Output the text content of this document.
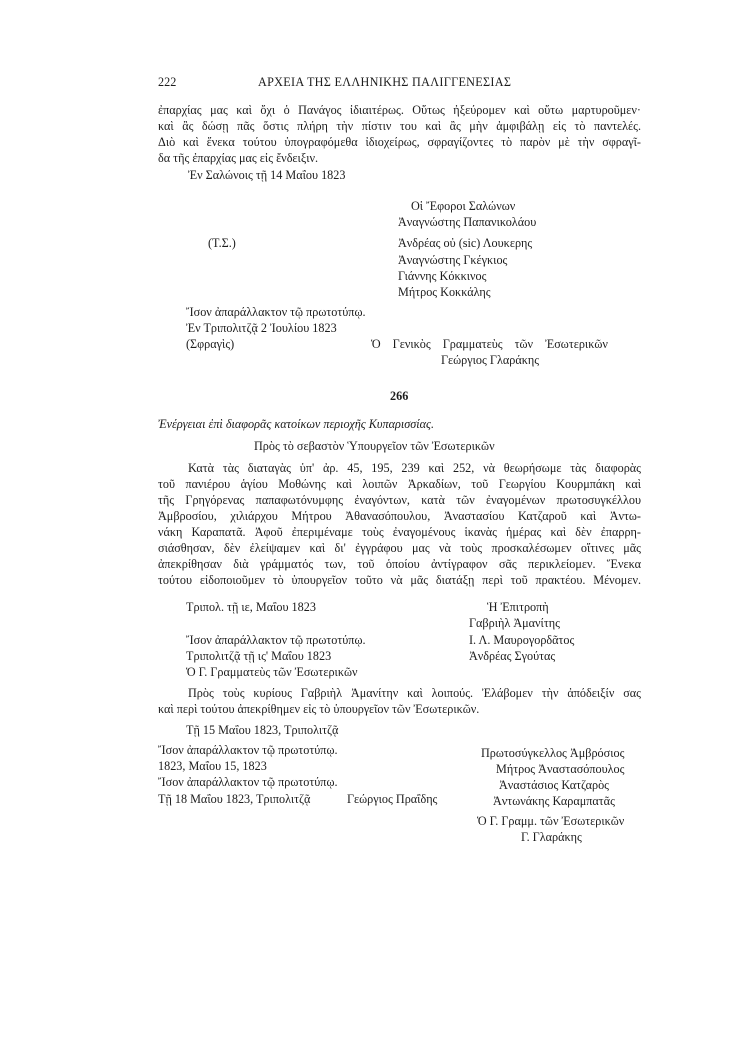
222	ΑΡΧΕΙΑ ΤΗΣ ΕΛΛΗΝΙΚΗΣ ΠΑΛΙΓΓΕΝΕΣΙΑΣ
ἐπαρχίας μας καὶ ὄχι ὁ Πανάγος ἰδιαιτέρως. Οὕτως ἠξεύρομεν καὶ οὕτω μαρτυροῦμεν·
καὶ ἂς δώσῃ πᾶς ὅστις πλήρη τὴν πίστιν του καὶ ἂς μὴν ἀμφιβάλῃ εἰς τὸ παντελές.
Διὸ καὶ ἕνεκα τούτου ὑπογραφόμεθα ἰδιοχείρως, σφραγίζοντες τὸ παρὸν μὲ τὴν σφραγῖ-
δα τῆς ἐπαρχίας μας εἰς ἔνδειξιν.
Ἐν Σαλώνοις τῇ 14 Μαΐου 1823
Οἱ Ἔφοροι Σαλώνων
Ἀναγνώστης Παπανικολάου
(Τ.Σ.)	Ἀνδρέας οὐ (sic) Λουκερης
Ἀναγνώστης Γκέγκιος
Γιάννης Κόκκινος
Μήτρος Κοκκάλης
Ἴσον ἀπαράλλακτον τῷ πρωτοτύπῳ.
Ἐν Τριπολιτζᾷ 2 Ἰουλίου 1823
(Σφραγὶς)	Ὁ Γενικὸς Γραμματεὺς τῶν Ἐσωτερικῶν
Γεώργιος Γλαράκης
266
Ἐνέργειαι ἐπὶ διαφορᾶς κατοίκων περιοχῆς Κυπαρισσίας.
Πρὸς τὸ σεβαστὸν Ὑπουργεῖον τῶν Ἐσωτερικῶν
Κατὰ τὰς διαταγὰς ὑπ' ἀρ. 45, 195, 239 καὶ 252, νὰ θεωρήσωμε τὰς διαφορὰς
τοῦ πανιέρου ἁγίου Μοθώνης καὶ λοιπῶν Ἀρκαδίων, τοῦ Γεωργίου Κουρμπάκη καὶ
τῆς Γρηγόρενας παπαφωτόνυμφης ἐναγόντων, κατὰ τῶν ἐναγομένων πρωτοσυγκέλλου
Ἀμβροσίου, χιλιάρχου Μήτρου Ἀθανασόπουλου, Ἀναστασίου Κατζαροῦ καὶ Ἀντω-
νάκη Καραπατᾶ. Ἀφοῦ ἐπεριμέναμε τοὺς ἐναγομένους ἱκανὰς ἡμέρας καὶ δὲν ἐπαρρη-
σιάσθησαν, δὲν ἐλείψαμεν καὶ δι' ἐγγράφου μας νὰ τοὺς προσκαλέσωμεν οἵτινες μᾶς
ἀπεκρίθησαν διὰ γράμματός των, τοῦ ὁποίου ἀντίγραφον σᾶς περικλείομεν. Ἕνεκα
τούτου εἰδοποιοῦμεν τὸ ὑπουργεῖον τοῦτο νὰ μᾶς διατάξῃ περὶ τοῦ πρακτέου. Μένομεν.
Τριπολ. τῇ ιε, Μαΐου 1823	Ἡ Ἐπιτροπὴ
Γαβριὴλ Ἀμανίτης
Ἴσον ἀπαράλλακτον τῷ πρωτοτύπῳ.	Ι. Λ. Μαυρογορδᾶτος
Τριπολιτζᾷ τῇ ις' Μαΐου 1823	Ἀνδρέας Σγούτας
Ὁ Γ. Γραμματεὺς τῶν Ἐσωτερικῶν
Πρὸς τοὺς κυρίους Γαβριὴλ Ἀμανίτην καὶ λοιπούς. Ἐλάβομεν τὴν ἀπόδειξίν σας
καὶ περὶ τούτου ἀπεκρίθημεν εἰς τὸ ὑπουργεῖον τῶν Ἐσωτερικῶν.
Τῇ 15 Μαΐου 1823, Τριπολιτζᾷ
Ἴσον ἀπαράλλακτον τῷ πρωτοτύπῳ.
1823, Μαΐου 15, 1823
Ἴσον ἀπαράλλακτον τῷ πρωτοτύπῳ.
Τῇ 18 Μαΐου 1823, Τριπολιτζᾷ	Γεώργιος Πραΐδης
Πρωτοσύγκελλος Ἀμβρόσιος
Μήτρος Ἀναστασόπουλος
Ἀναστάσιος Κατζαρὸς
Ἀντωνάκης Καραμπατᾶς
Ὁ Γ. Γραμμ. τῶν Ἐσωτερικῶν
Γ. Γλαράκης
